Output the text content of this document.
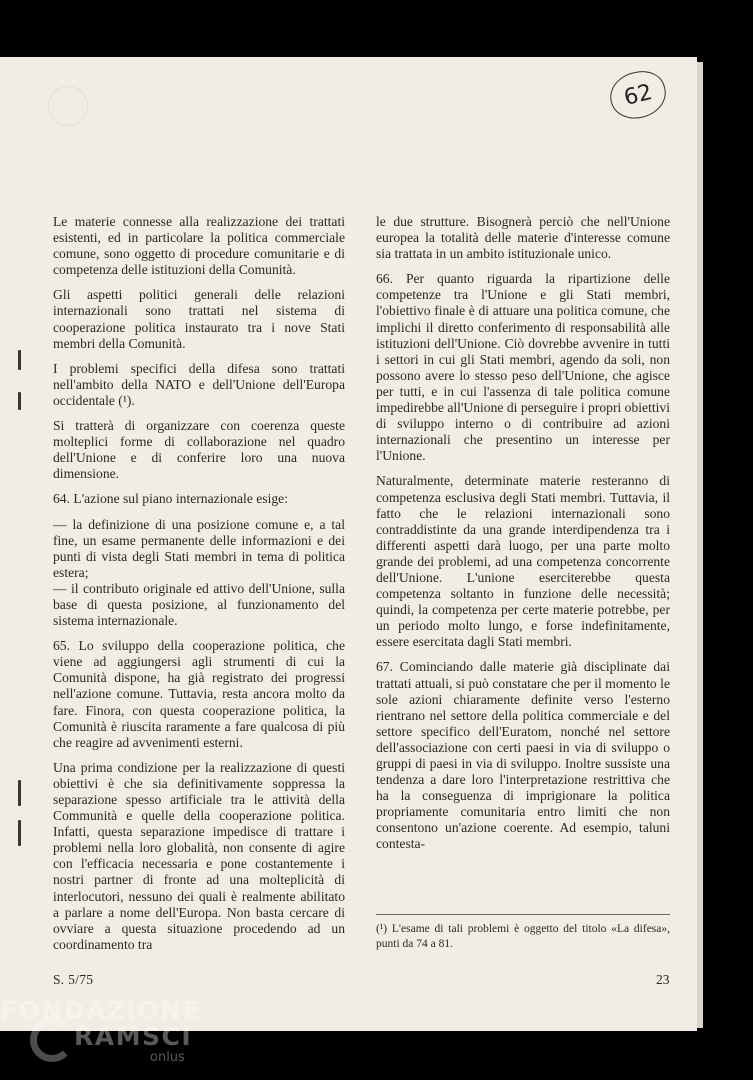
62

Le materie connesse alla realizzazione dei trattati esistenti, ed in particolare la politica commerciale comune, sono oggetto di procedure comunitarie e di competenza delle istituzioni della Comunità.

Gli aspetti politici generali delle relazioni internazionali sono trattati nel sistema di cooperazione politica instaurato tra i nove Stati membri della Comunità.

I problemi specifici della difesa sono trattati nell'ambito della NATO e dell'Unione dell'Europa occidentale (¹).

Si tratterà di organizzare con coerenza queste molteplici forme di collaborazione nel quadro dell'Unione e di conferire loro una nuova dimensione.

64. L'azione sul piano internazionale esige:

— la definizione di una posizione comune e, a tal fine, un esame permanente delle informazioni e dei punti di vista degli Stati membri in tema di politica estera;

— il contributo originale ed attivo dell'Unione, sulla base di questa posizione, al funzionamento del sistema internazionale.

65. Lo sviluppo della cooperazione politica, che viene ad aggiungersi agli strumenti di cui la Comunità dispone, ha già registrato dei progressi nell'azione comune. Tuttavia, resta ancora molto da fare. Finora, con questa cooperazione politica, la Comunità è riuscita raramente a fare qualcosa di più che reagire ad avvenimenti esterni.

Una prima condizione per la realizzazione di questi obiettivi è che sia definitivamente soppressa la separazione spesso artificiale tra le attività della Communità e quelle della cooperazione politica. Infatti, questa separazione impedisce di trattare i problemi nella loro globalità, non consente di agire con l'efficacia necessaria e pone costantemente i nostri partner di fronte ad una molteplicità di interlocutori, nessuno dei quali è realmente abilitato a parlare a nome dell'Europa. Non basta cercare di ovviare a questa situazione procedendo ad un coordinamento tra

le due strutture. Bisognerà perciò che nell'Unione europea la totalità delle materie d'interesse comune sia trattata in un ambito istituzionale unico.

66. Per quanto riguarda la ripartizione delle competenze tra l'Unione e gli Stati membri, l'obiettivo finale è di attuare una politica comune, che implichi il diretto conferimento di responsabilità alle istituzioni dell'Unione. Ciò dovrebbe avvenire in tutti i settori in cui gli Stati membri, agendo da soli, non possono avere lo stesso peso dell'Unione, che agisce per tutti, e in cui l'assenza di tale politica comune impedirebbe all'Unione di perseguire i propri obiettivi di sviluppo interno o di contribuire ad azioni internazionali che presentino un interesse per l'Unione.

Naturalmente, determinate materie resteranno di competenza esclusiva degli Stati membri. Tuttavia, il fatto che le relazioni internazionali sono contraddistinte da una grande interdipendenza tra i differenti aspetti darà luogo, per una parte molto grande dei problemi, ad una competenza concorrente dell'Unione. L'unione eserciterebbe questa competenza soltanto in funzione delle necessità; quindi, la competenza per certe materie potrebbe, per un periodo molto lungo, e forse indefinitamente, essere esercitata dagli Stati membri.

67. Cominciando dalle materie già disciplinate dai trattati attuali, si può constatare che per il momento le sole azioni chiaramente definite verso l'esterno rientrano nel settore della politica commerciale e del settore specifico dell'Euratom, nonché nel settore dell'associazione con certi paesi in via di sviluppo o gruppi di paesi in via di sviluppo. Inoltre sussiste una tendenza a dare loro l'interpretazione restrittiva che ha la conseguenza di imprigionare la politica propriamente comunitaria entro limiti che non consentono un'azione coerente. Ad esempio, taluni contesta-

(¹) L'esame di tali problemi è oggetto del titolo «La difesa», punti da 74 a 81.
S. 5/75	23
FONDAZIONE
RAMSCI
onlus
